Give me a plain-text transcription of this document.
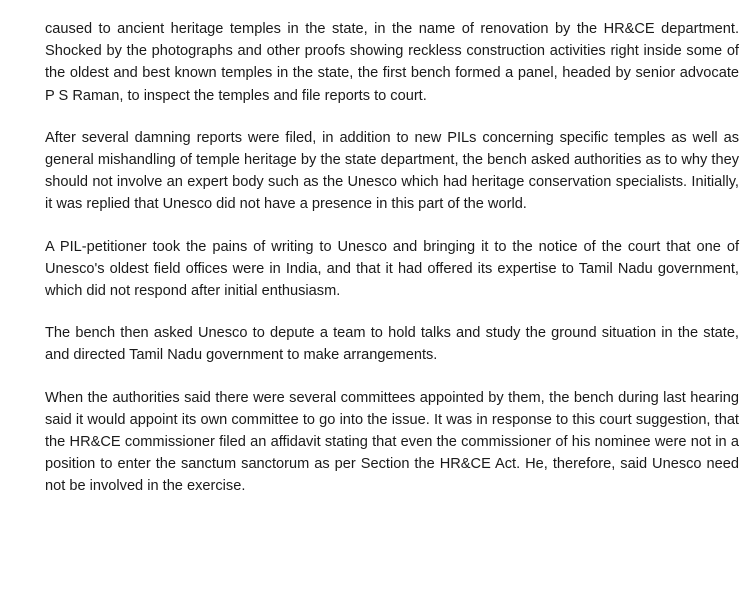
caused to ancient heritage temples in the state, in the name of renovation by the HR&CE department. Shocked by the photographs and other proofs showing reckless construction activities right inside some of the oldest and best known temples in the state, the first bench formed a panel, headed by senior advocate P S Raman, to inspect the temples and file reports to court.

After several damning reports were filed, in addition to new PILs concerning specific temples as well as general mishandling of temple heritage by the state department, the bench asked authorities as to why they should not involve an expert body such as the Unesco which had heritage conservation specialists. Initially, it was replied that Unesco did not have a presence in this part of the world.

A PIL-petitioner took the pains of writing to Unesco and bringing it to the notice of the court that one of Unesco's oldest field offices were in India, and that it had offered its expertise to Tamil Nadu government, which did not respond after initial enthusiasm.

The bench then asked Unesco to depute a team to hold talks and study the ground situation in the state, and directed Tamil Nadu government to make arrangements.

When the authorities said there were several committees appointed by them, the bench during last hearing said it would appoint its own committee to go into the issue. It was in response to this court suggestion, that the HR&CE commissioner filed an affidavit stating that even the commissioner of his nominee were not in a position to enter the sanctum sanctorum as per Section the HR&CE Act. He, therefore, said Unesco need not be involved in the exercise.
